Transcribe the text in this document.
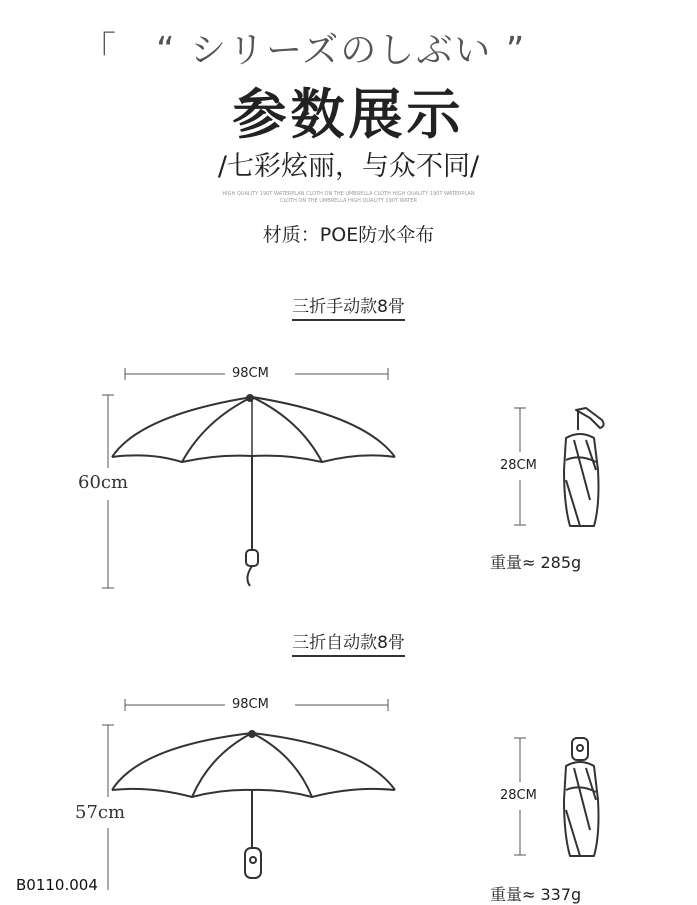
「　“ シリーズのしぶい ”
参数展示
/七彩炫丽，与众不同/
HIGH QUALITY 190T WATERPLAN CLOTH ON THE UMBRELLA CLOTH HIGH QUALITY 190T WATERPLAN
CLOTH ON THE UMBRELLA HIGH QUALITY 190T WATER
材质：POE防水伞布
三折手动款8骨
98CM
60cm
28CM
重量≈ 285g
三折自动款8骨
98CM
57cm
28CM
重量≈ 337g
B0110.004
